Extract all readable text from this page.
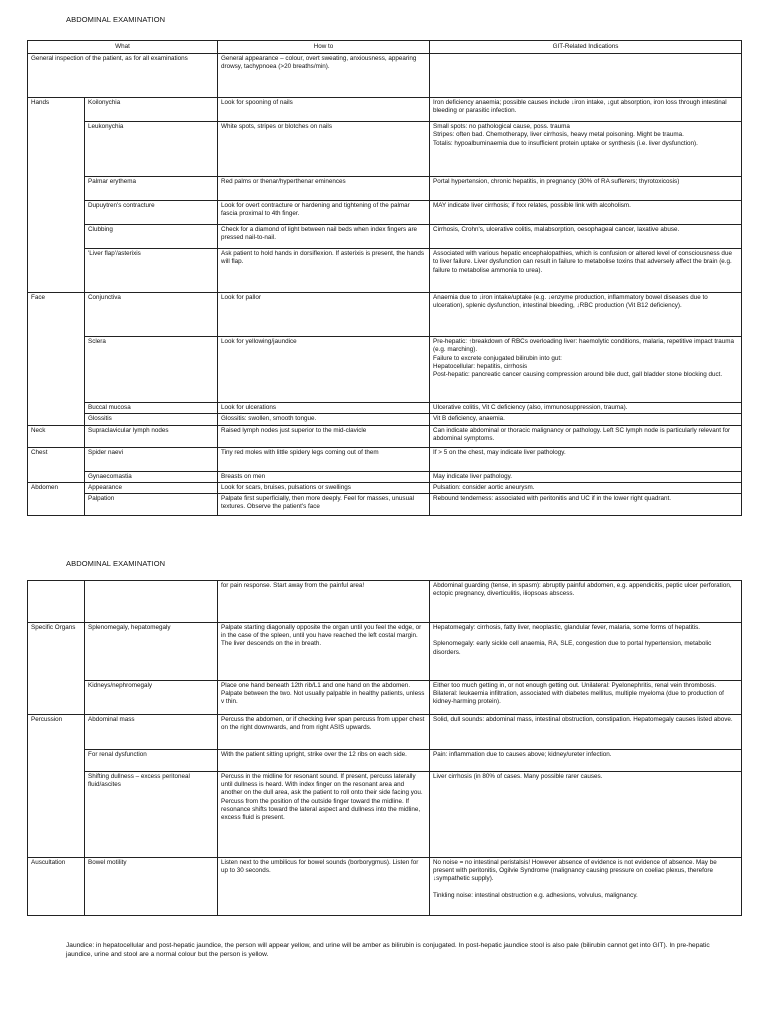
ABDOMINAL EXAMINATION
What		How to	GIT-Related Indications
General inspection of the patient, as for all examinations		General appearance – colour, overt sweating, anxiousness, appearing drowsy, tachypnoea (>20 breaths/min).	
Hands	Koilonychia	Look for spooning of nails	Iron deficiency anaemia; possible causes include ↓iron intake, ↓gut absorption, iron loss through intestinal bleeding or parasitic infection.
	Leukonychia	White spots, stripes or blotches on nails	Small spots: no pathological cause, poss. trauma
Stripes: often bad. Chemotherapy, liver cirrhosis, heavy metal poisoning. Might be trauma.
Totalis: hypoalbuminaemia due to insufficient protein uptake or synthesis (i.e. liver dysfunction).

	Palmar erythema	Red palms or thenar/hyperthenar eminences	Portal hypertension, chronic hepatitis, in pregnancy (30% of RA sufferers; thyrotoxicosis)
	Dupuytren's contracture	Look for overt contracture or hardening and tightening of the palmar fascia proximal to 4th finger.	MAY indicate liver cirrhosis; if hxx relates, possible link with alcoholism.
	Clubbing	Check for a diamond of light between nail beds when index fingers are pressed nail-to-nail.	Cirrhosis, Crohn's, ulcerative colitis, malabsorption, oesophageal cancer, laxative abuse.
	'Liver flap'/asterixis	Ask patient to hold hands in dorsiflexion. If asterixis is present, the hands will flap.	Associated with various hepatic encephalopathies, which is confusion or altered level of consciousness due to liver failure. Liver dysfunction can result in failure to metabolise toxins that adversely affect the brain (e.g. failure to metabolise ammonia to urea).
Face	Conjunctiva	Look for pallor	Anaemia due to ↓iron intake/uptake (e.g. ↓enzyme production, inflammatory bowel diseases due to ulceration), splenic dysfunction, intestinal bleeding, ↓RBC production (Vit B12 deficiency).
	Sclera	Look for yellowing/jaundice	Pre-hepatic: ↑breakdown of RBCs overloading liver: haemolytic conditions, malaria, repetitive impact trauma (e.g. marching).
Failure to excrete conjugated bilirubin into gut:
Hepatocellular: hepatitis, cirrhosis
Post-hepatic: pancreatic cancer causing compression around bile duct, gall bladder stone blocking duct.

	Buccal mucosa	Look for ulcerations	Ulcerative colitis, Vit C deficiency (also, immunosuppression, trauma).
	Glossitis	Glossitis: swollen, smooth tongue.	Vit B deficiency, anaemia.
Neck	Supraclavicular lymph nodes	Raised lymph nodes just superior to the mid-clavicle	Can indicate abdominal or thoracic malignancy or pathology. Left SC lymph node is particularly relevant for abdominal symptoms.
Chest	Spider naevi	Tiny red moles with little spidery legs coming out of them	If > 5 on the chest, may indicate liver pathology.
	Gynaecomastia	Breasts on men	May indicate liver pathology.
Abdomen	Appearance	Look for scars, bruises, pulsations or swellings	Pulsation: consider aortic aneurysm.
	Palpation	Palpate first superficially, then more deeply. Feel for masses, unusual textures. Observe the patient's face	Rebound tenderness: associated with peritonitis and UC if in the lower right quadrant.
ABDOMINAL EXAMINATION
		for pain response. Start away from the painful area!	Abdominal guarding (tense, in spasm): abruptly painful abdomen, e.g. appendicitis, peptic ulcer perforation, ectopic pregnancy, diverticulitis, iliopsoas abscess.
Specific Organs	Splenomegaly, hepatomegaly	Palpate starting diagonally opposite the organ until you feel the edge, or in the case of the spleen, until you have reached the left costal margin. The liver descends on the in breath.	Hepatomegaly: cirrhosis, fatty liver, neoplastic, glandular fever, malaria, some forms of hepatitis.

Splenomegaly: early sickle cell anaemia, RA, SLE, congestion due to portal hypertension, metabolic disorders.

	Kidneys/nephromegaly	Place one hand beneath 12th rib/L1 and one hand on the abdomen. Palpate between the two. Not usually palpable in healthy patients, unless v thin.	Either too much getting in, or not enough getting out. Unilateral: Pyelonephritis, renal vein thrombosis. Bilateral: leukaemia infiltration, associated with diabetes mellitus, multiple myeloma (due to production of kidney-harming protein).
Percussion	Abdominal mass	Percuss the abdomen, or if checking liver span percuss from upper chest on the right downwards, and from right ASIS upwards.	Solid, dull sounds: abdominal mass, intestinal obstruction, constipation. Hepatomegaly causes listed above.
	For renal dysfunction	With the patient sitting upright, strike over the 12 ribs on each side.	Pain: inflammation due to causes above; kidney/ureter infection.
	Shifting dullness – excess peritoneal fluid/ascites	Percuss in the midline for resonant sound. If present, percuss laterally until dullness is heard. With index finger on the resonant area and another on the dull area, ask the patient to roll onto their side facing you. Percuss from the position of the outside finger toward the midline. If resonance shifts toward the lateral aspect and dullness into the midline, excess fluid is present.	Liver cirrhosis (in 80% of cases. Many possible rarer causes.
Auscultation	Bowel motility	Listen next to the umbilicus for bowel sounds (borborygmus). Listen for up to 30 seconds.	No noise = no intestinal peristalsis! However absence of evidence is not evidence of absence. May be present with peritonitis, Ogilvie Syndrome (malignancy causing pressure on coeliac plexus, therefore ↓sympathetic supply).

Tinkling noise: intestinal obstruction e.g. adhesions, volvulus, malignancy.
Jaundice: in hepatocellular and post-hepatic jaundice, the person will appear yellow, and urine will be amber as bilirubin is conjugated. In post-hepatic jaundice stool is also pale (bilirubin cannot get into GIT). In pre-hepatic jaundice, urine and stool are a normal colour but the person is yellow.
